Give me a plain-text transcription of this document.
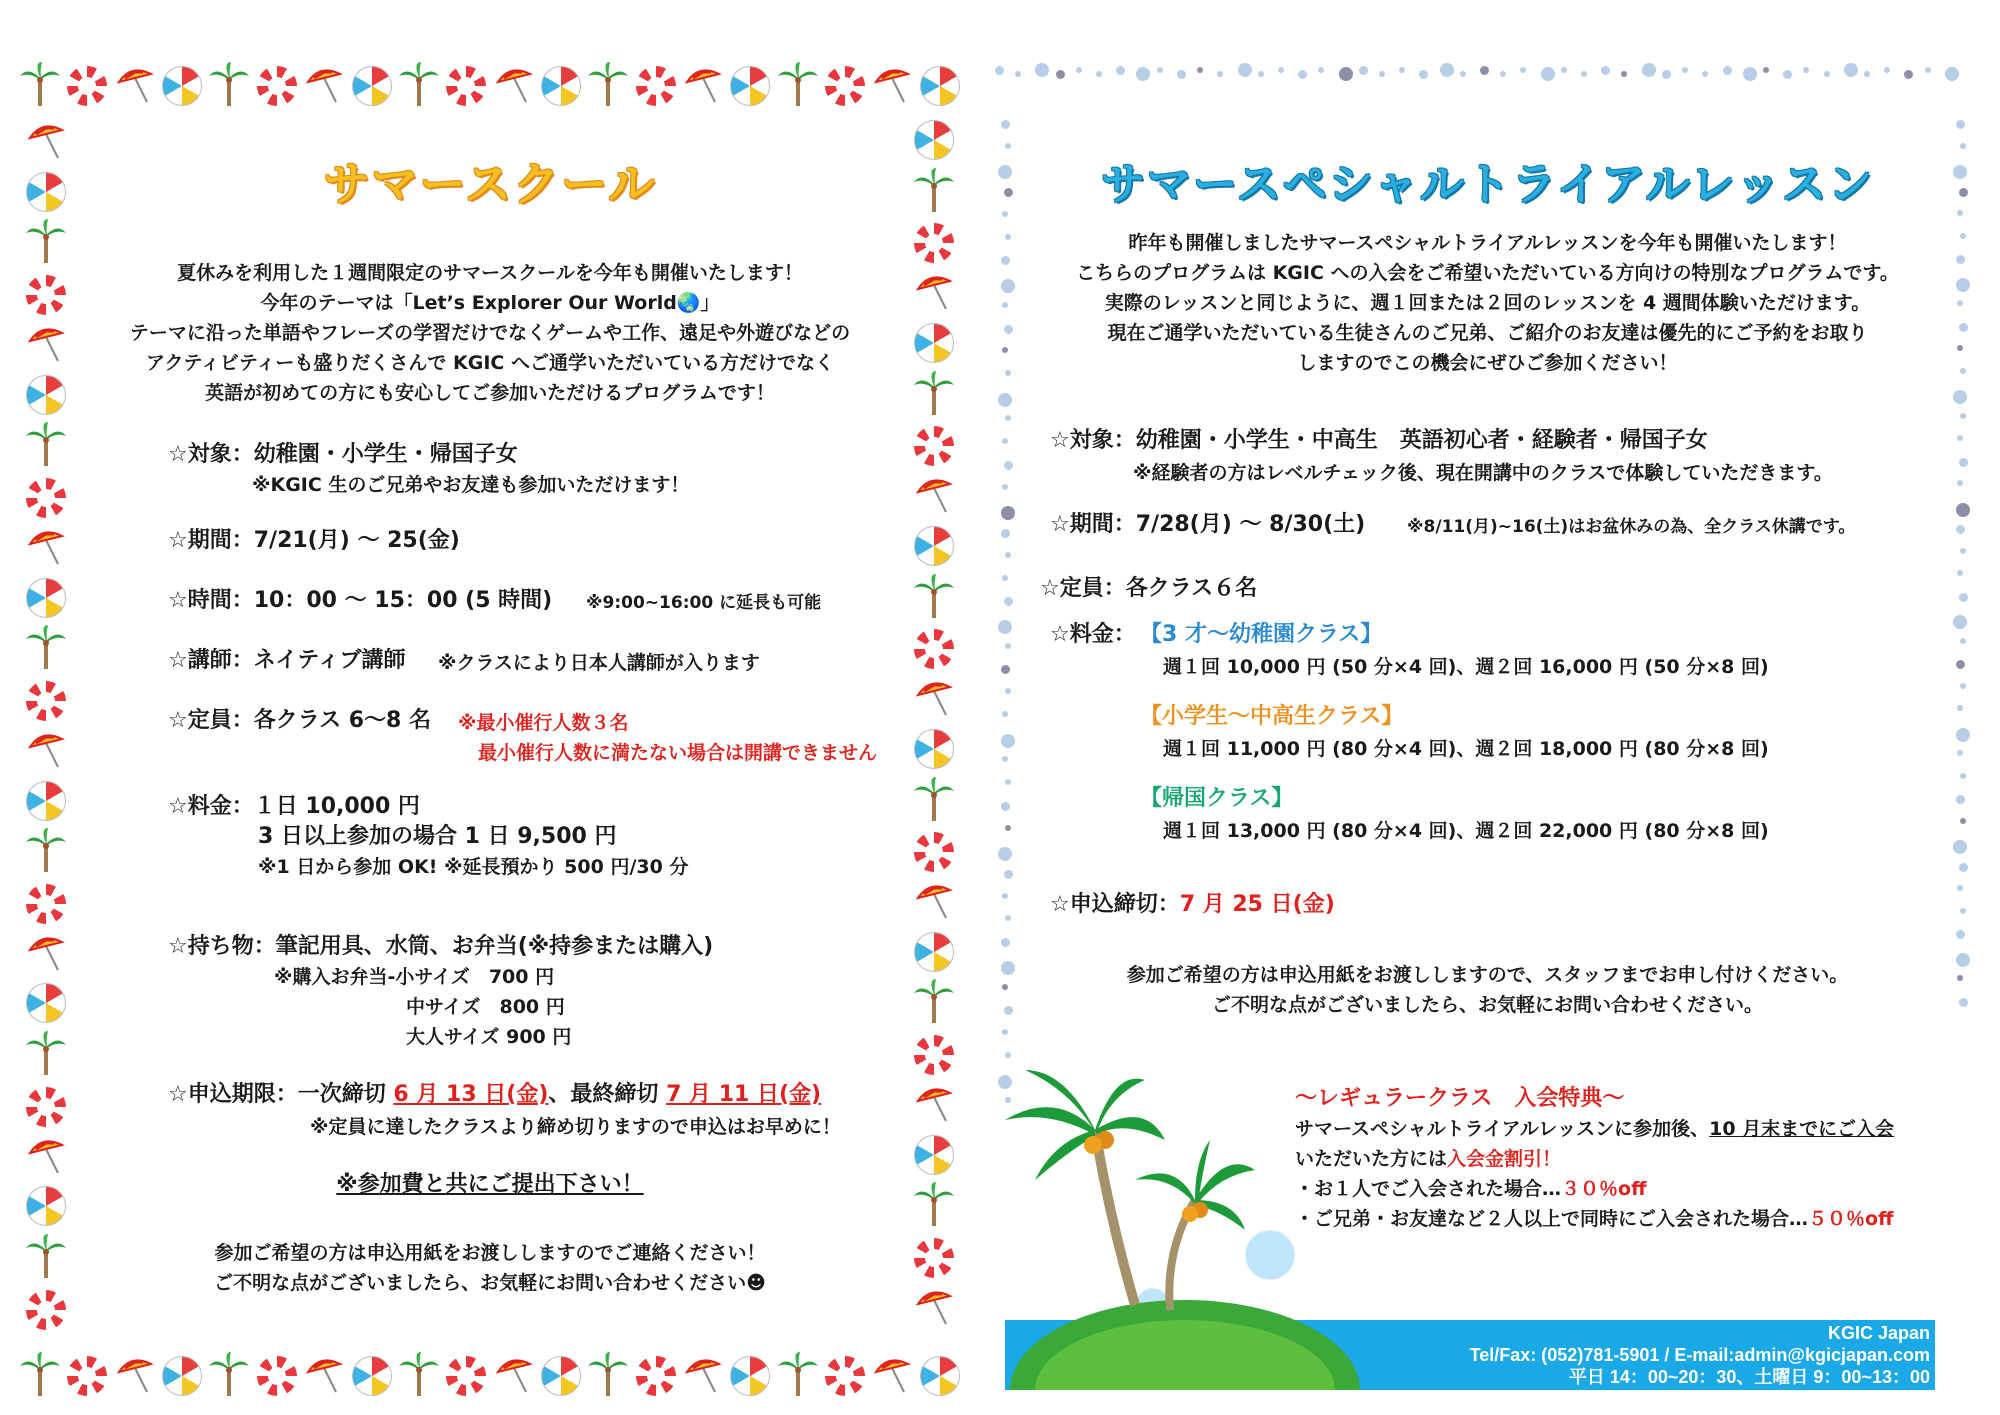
サマースクール
夏休みを利用した１週間限定のサマースクールを今年も開催いたします！
今年のテーマは「Let’s Explorer Our World🌏」
テーマに沿った単語やフレーズの学習だけでなくゲームや工作、遠足や外遊びなどの
アクティビティーも盛りだくさんで KGIC へご通学いただいている方だけでなく
英語が初めての方にも安心してご参加いただけるプログラムです！
☆対象：幼稚園・小学生・帰国子女
※KGIC 生のご兄弟やお友達も参加いただけます！
☆期間：7/21(月) ～ 25(金)
☆時間：10：00 ～ 15：00 (5 時間) ※9:00~16:00 に延長も可能
☆講師：ネイティブ講師 ※クラスにより日本人講師が入ります
☆定員：各クラス 6～8 名 ※最小催行人数３名
最小催行人数に満たない場合は開講できません
☆料金：１日 10,000 円
3 日以上参加の場合 1 日 9,500 円
※1 日から参加 OK! ※延長預かり 500 円/30 分
☆持ち物：筆記用具、水筒、お弁当(※持参または購入)
※購入お弁当-小サイズ　700 円
中サイズ　800 円
大人サイズ 900 円
☆申込期限：一次締切 6 月 13 日(金)、最終締切 7 月 11 日(金)
※定員に達したクラスより締め切りますので申込はお早めに！
※参加費と共にご提出下さい！
参加ご希望の方は申込用紙をお渡ししますのでご連絡ください！
ご不明な点がございましたら、お気軽にお問い合わせください☻
サマースペシャルトライアルレッスン
昨年も開催しましたサマースペシャルトライアルレッスンを今年も開催いたします！
こちらのプログラムは KGIC への入会をご希望いただいている方向けの特別なプログラムです。
実際のレッスンと同じように、週１回または２回のレッスンを 4 週間体験いただけます。
現在ご通学いただいている生徒さんのご兄弟、ご紹介のお友達は優先的にご予約をお取り
しますのでこの機会にぜひご参加ください！
☆対象：幼稚園・小学生・中高生　英語初心者・経験者・帰国子女
※経験者の方はレベルチェック後、現在開講中のクラスで体験していただきます。
☆期間：7/28(月) ～ 8/30(土) ※8/11(月)~16(土)はお盆休みの為、全クラス休講です。
☆定員：各クラス６名
☆料金： 【3 才～幼稚園クラス】
週１回 10,000 円 (50 分×4 回)、週２回 16,000 円 (50 分×8 回)
【小学生～中高生クラス】
週１回 11,000 円 (80 分×4 回)、週２回 18,000 円 (80 分×8 回)
【帰国クラス】
週１回 13,000 円 (80 分×4 回)、週２回 22,000 円 (80 分×8 回)
☆申込締切：7 月 25 日(金)
参加ご希望の方は申込用紙をお渡ししますので、スタッフまでお申し付けください。
ご不明な点がございましたら、お気軽にお問い合わせください。
KGIC Japan
Tel/Fax: (052)781-5901 / E-mail:admin@kgicjapan.com
平日 14：00~20：30、土曜日 9：00~13：00
～レギュラークラス　入会特典～
サマースペシャルトライアルレッスンに参加後、10 月末までにご入会
いただいた方には入会金割引！
・お１人でご入会された場合…３０％off
・ご兄弟・お友達など２人以上で同時にご入会された場合…５０％off
